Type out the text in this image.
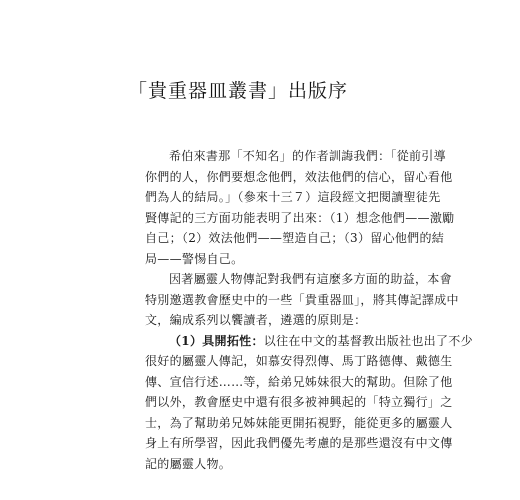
「貴重器皿叢書」出版序
希伯來書那「不知名」的作者訓誨我們：「從前引導
你們的人，你們要想念他們，效法他們的信心，留心看他
們為人的結局。」（參來十三７）這段經文把閱讀聖徒先
賢傳記的三方面功能表明了出來：（1）想念他們——激勵
自己；（2）效法他們——塑造自己；（3）留心他們的結
局——警惕自己。
因著屬靈人物傳記對我們有這麼多方面的助益，本會
特別邀選教會歷史中的一些「貴重器皿」，將其傳記譯成中
文，編成系列以饗讀者，遴選的原則是：
（1）具開拓性：以往在中文的基督教出版社也出了不少
很好的屬靈人傳記，如慕安得烈傳、馬丁路德傳、戴德生
傳、宣信行述……等，給弟兄姊妹很大的幫助。但除了他
們以外，教會歷史中還有很多被神興起的「特立獨行」之
士，為了幫助弟兄姊妹能更開拓視野，能從更多的屬靈人
身上有所學習，因此我們優先考慮的是那些還沒有中文傳
記的屬靈人物。
